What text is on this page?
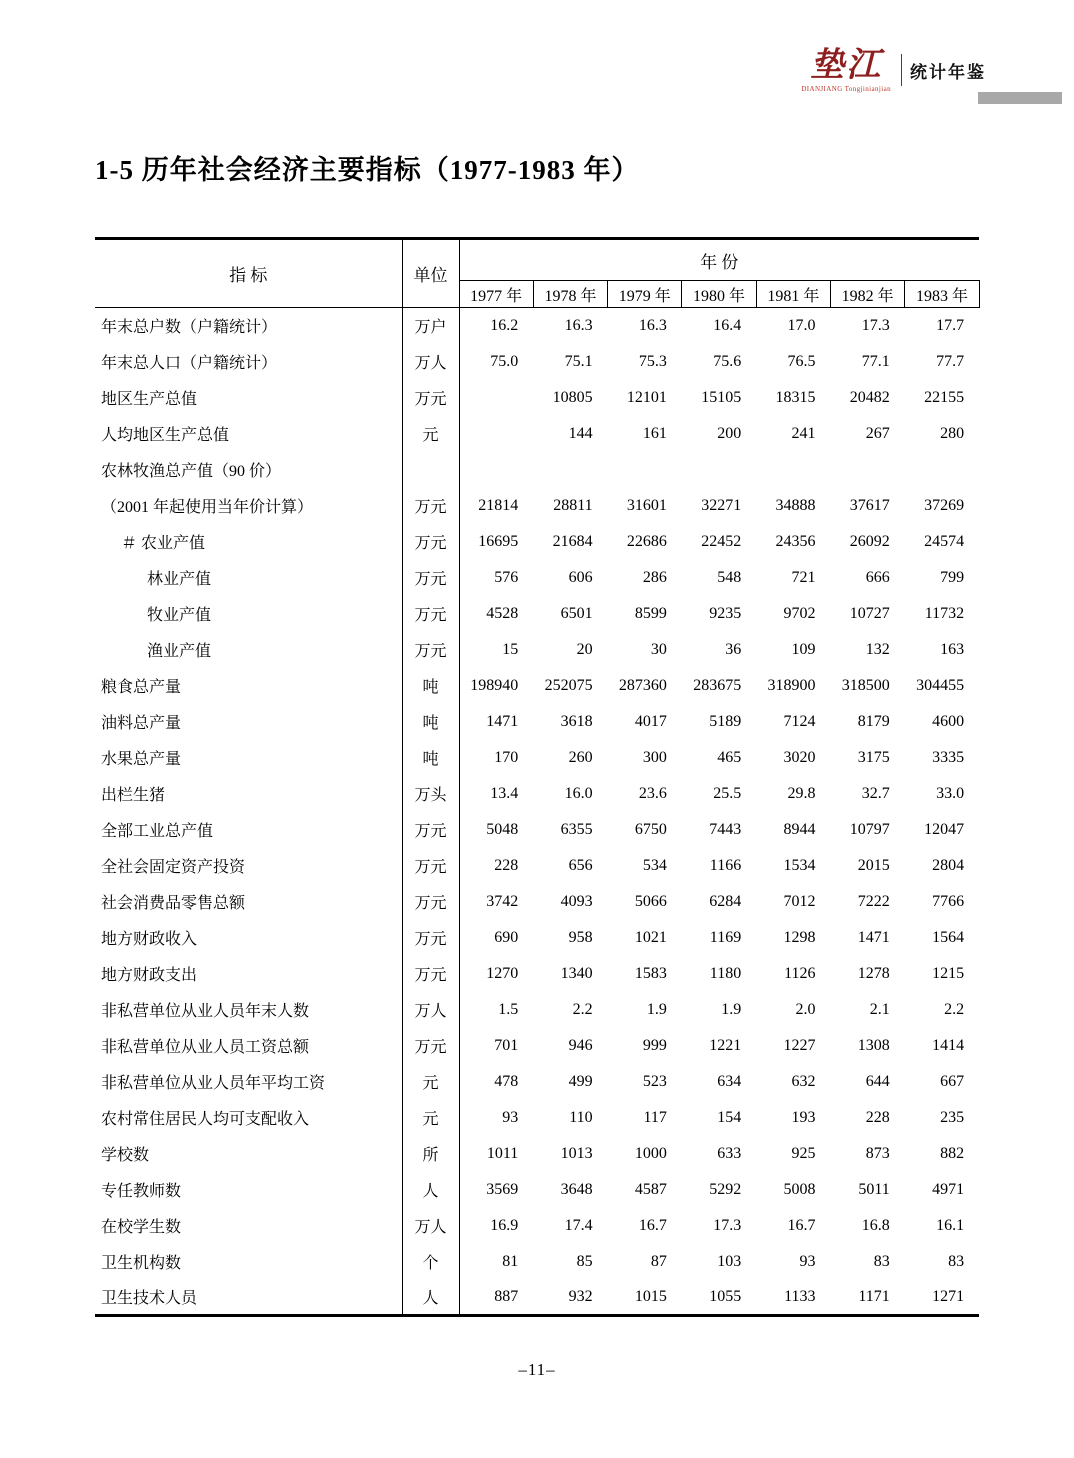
垫江
DIANJIANG Tongjinianjian
统计年鉴
1-5 历年社会经济主要指标（1977-1983 年）
指 标	单位	年 份						
		1977 年	1978 年	1979 年	1980 年	1981 年	1982 年	1983 年
年末总户数（户籍统计）	万户	16.2	16.3	16.3	16.4	17.0	17.3	17.7
年末总人口（户籍统计）	万人	75.0	75.1	75.3	75.6	76.5	77.1	77.7
地区生产总值	万元		10805	12101	15105	18315	20482	22155
人均地区生产总值	元		144	161	200	241	267	280
农林牧渔总产值（90 价）								
（2001 年起使用当年价计算）	万元	21814	28811	31601	32271	34888	37617	37269
＃ 农业产值	万元	16695	21684	22686	22452	24356	26092	24574
林业产值	万元	576	606	286	548	721	666	799
牧业产值	万元	4528	6501	8599	9235	9702	10727	11732
渔业产值	万元	15	20	30	36	109	132	163
粮食总产量	吨	198940	252075	287360	283675	318900	318500	304455
油料总产量	吨	1471	3618	4017	5189	7124	8179	4600
水果总产量	吨	170	260	300	465	3020	3175	3335
出栏生猪	万头	13.4	16.0	23.6	25.5	29.8	32.7	33.0
全部工业总产值	万元	5048	6355	6750	7443	8944	10797	12047
全社会固定资产投资	万元	228	656	534	1166	1534	2015	2804
社会消费品零售总额	万元	3742	4093	5066	6284	7012	7222	7766
地方财政收入	万元	690	958	1021	1169	1298	1471	1564
地方财政支出	万元	1270	1340	1583	1180	1126	1278	1215
非私营单位从业人员年末人数	万人	1.5	2.2	1.9	1.9	2.0	2.1	2.2
非私营单位从业人员工资总额	万元	701	946	999	1221	1227	1308	1414
非私营单位从业人员年平均工资	元	478	499	523	634	632	644	667
农村常住居民人均可支配收入	元	93	110	117	154	193	228	235
学校数	所	1011	1013	1000	633	925	873	882
专任教师数	人	3569	3648	4587	5292	5008	5011	4971
在校学生数	万人	16.9	17.4	16.7	17.3	16.7	16.8	16.1
卫生机构数	个	81	85	87	103	93	83	83
卫生技术人员	人	887	932	1015	1055	1133	1171	1271
–11–
